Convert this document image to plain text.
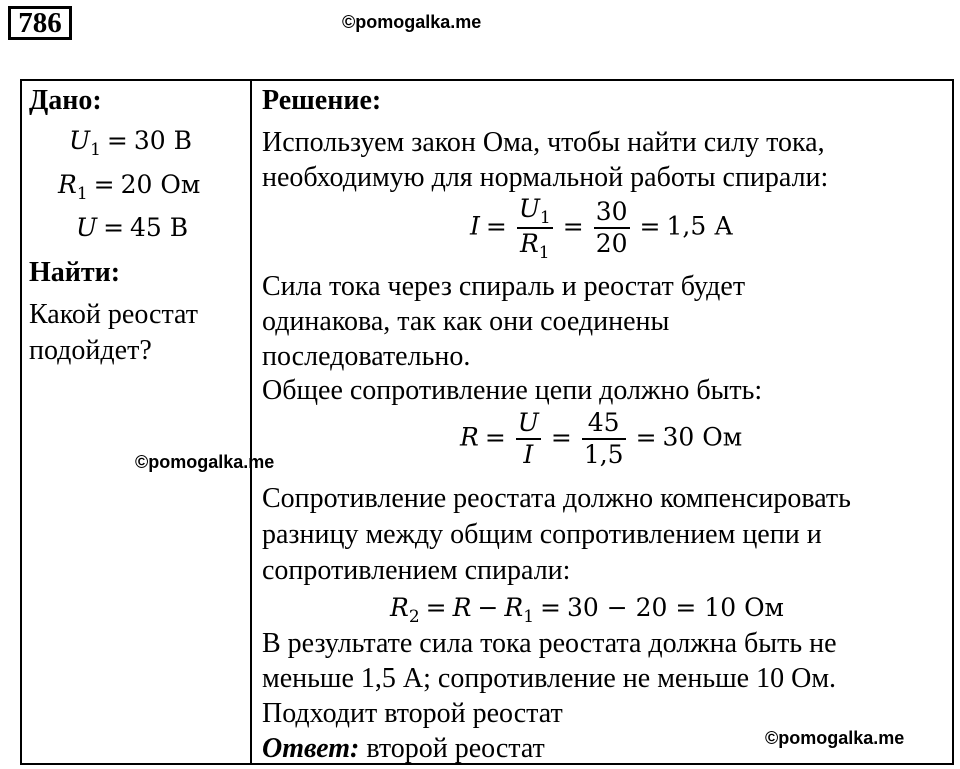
786	©pomogalka.me
Дано:
$U_1 = 30$ В
$R_1 = 20$ Ом
U = 45 В
Найти:
Какой реостат
подойдет?
©pomogalka.me
Решение:
Используем закон Ома, чтобы найти силу тока,
необходимую для нормальной работы спирали:
$I = \frac{U_1}{R_1} = \frac{30}{20} = 1,5$ А
Сила тока через спираль и реостат будет
одинакова, так как они соединены
последовательно.
Общее сопротивление цепи должно быть:
$R = \frac{U}{I} = \frac{45}{1,5} = 30$ Ом
Сопротивление реостата должно компенсировать
разницу между общим сопротивлением цепи и
сопротивлением спирали:
$R_2 = R - R_1 = 30 - 20 = 10$ Ом
В результате сила тока реостата должна быть не
меньше 1,5 А; сопротивление не меньше 10 Ом.
Подходит второй реостат
Ответ: второй реостат	©pomogalka.me
